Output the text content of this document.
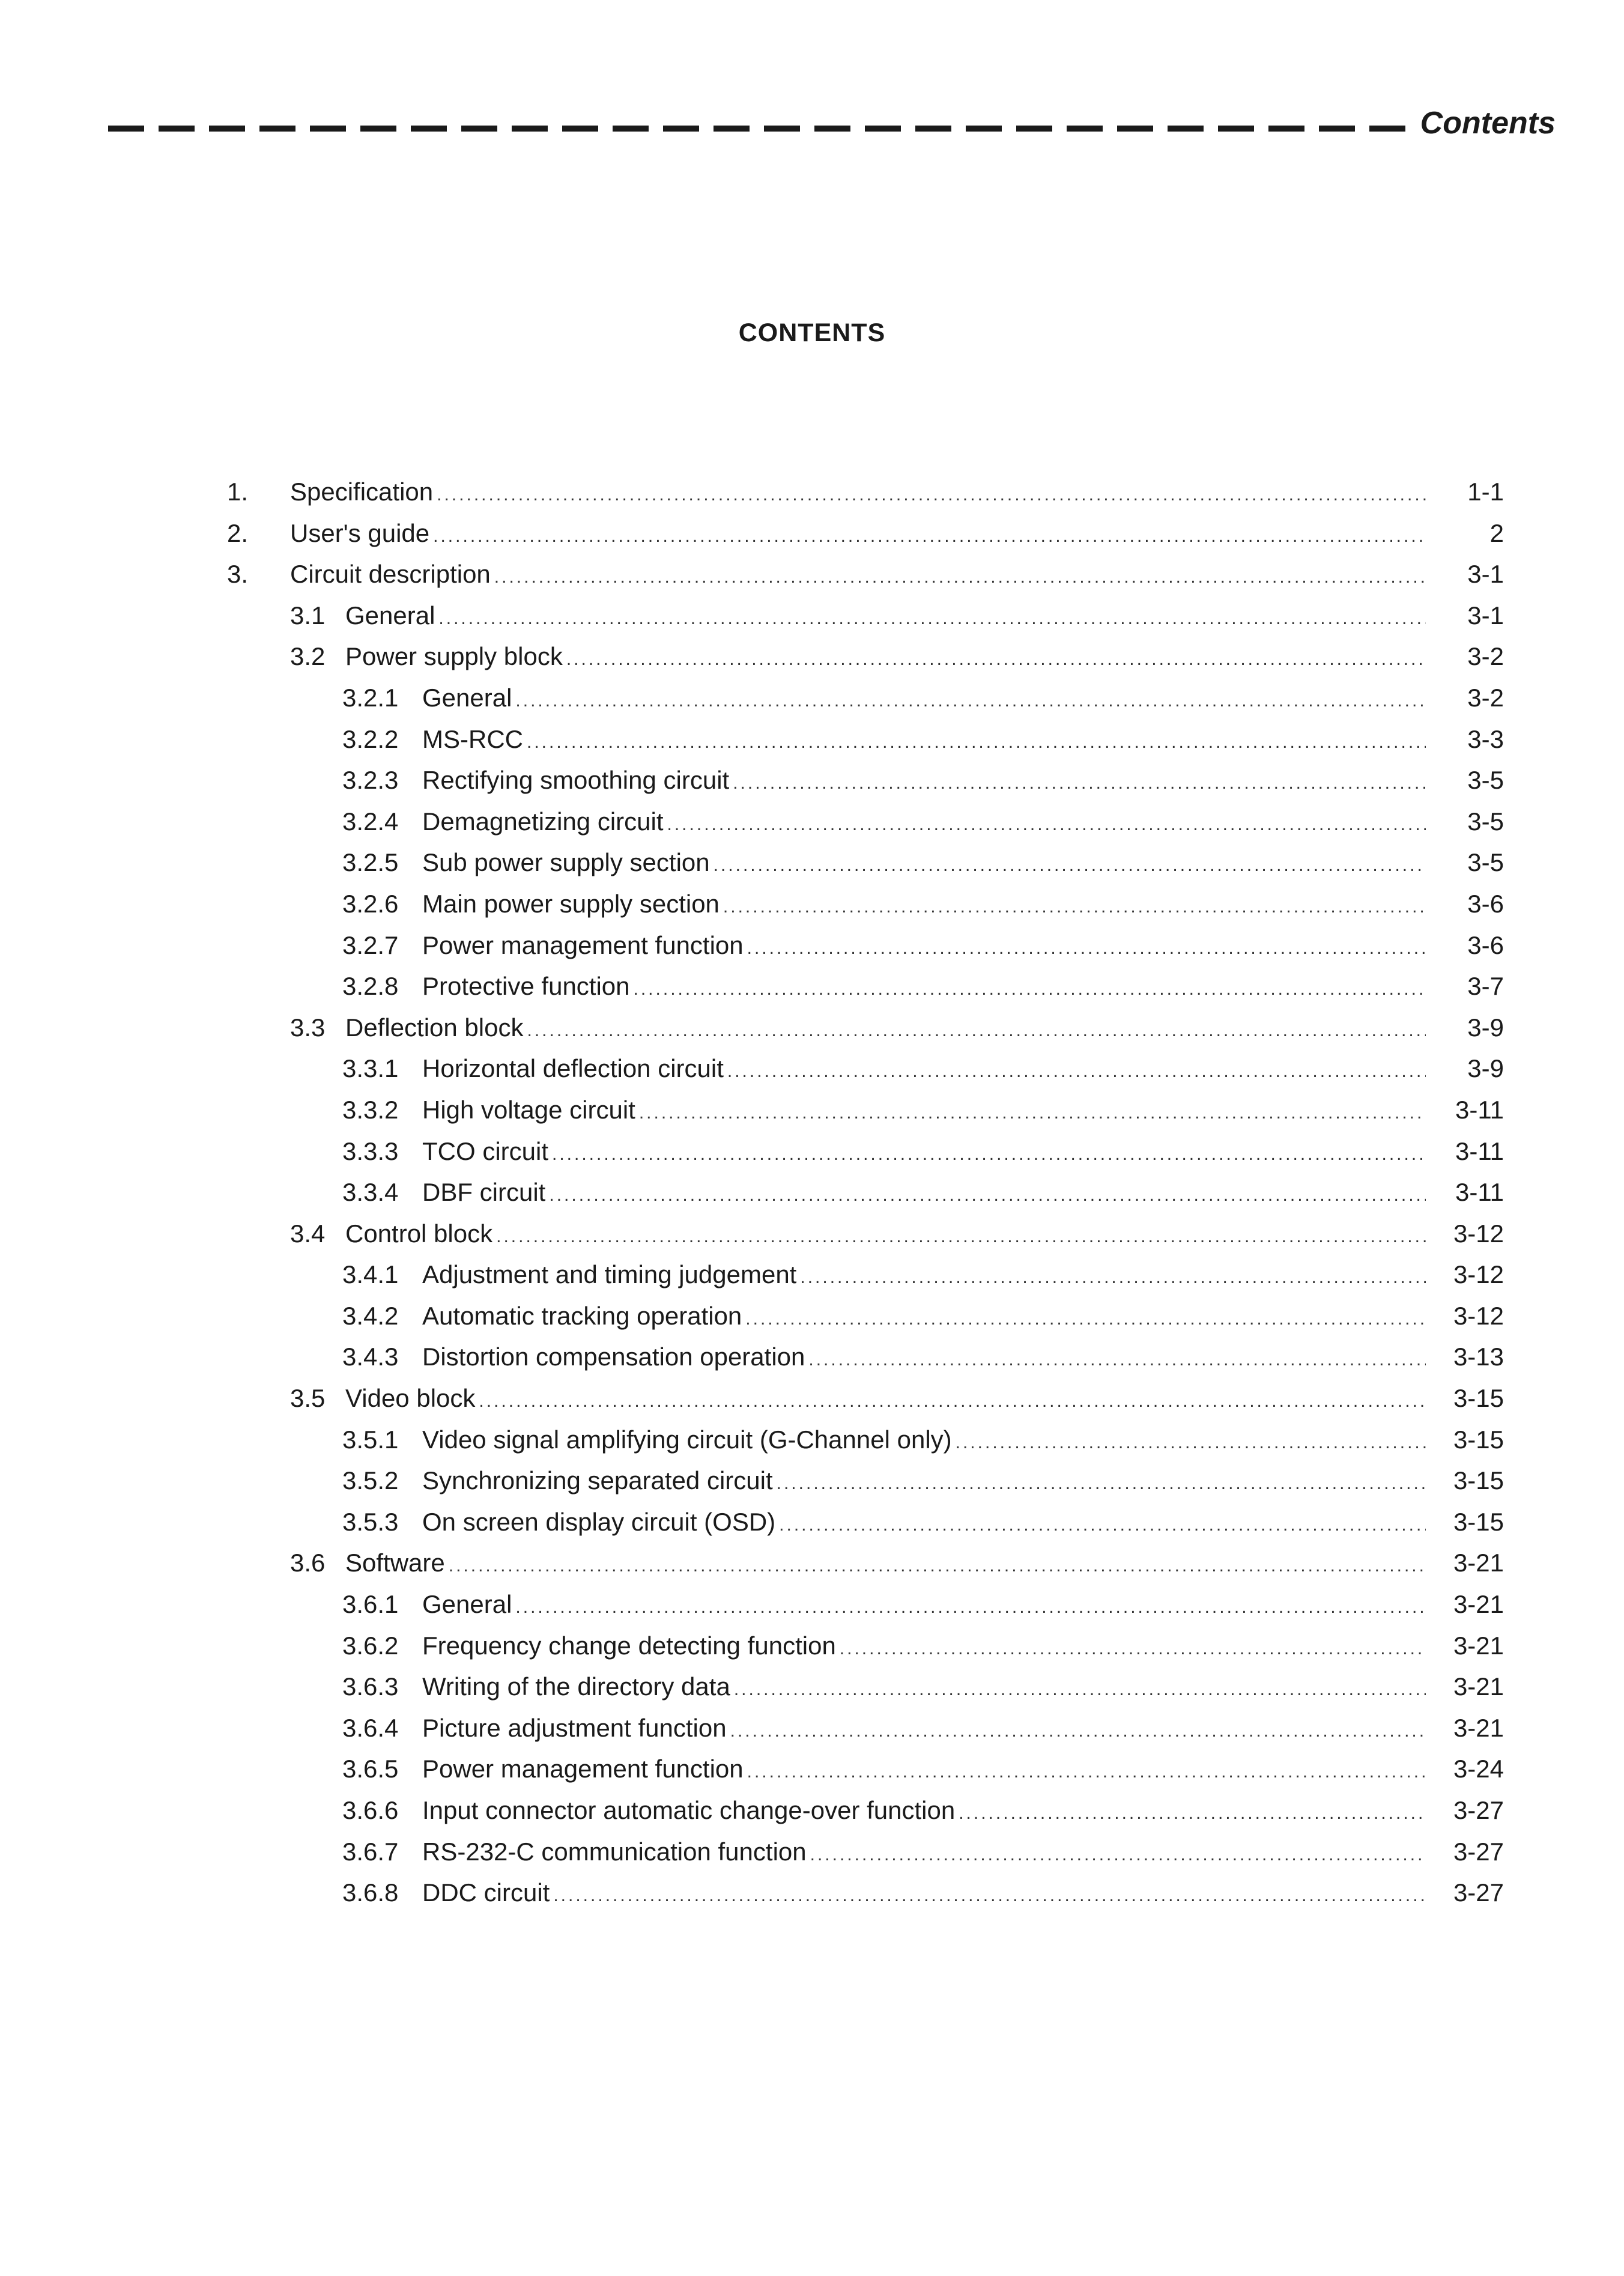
Contents
CONTENTS
1. Specification .....	1-1
2. User's guide .....	2
3. Circuit description .....	3-1
3.1 General .....	3-1
3.2 Power supply block .....	3-2
3.2.1 General .....	3-2
3.2.2 MS-RCC .....	3-3
3.2.3 Rectifying smoothing circuit .....	3-5
3.2.4 Demagnetizing circuit .....	3-5
3.2.5 Sub power supply section .....	3-5
3.2.6 Main power supply section .....	3-6
3.2.7 Power management function .....	3-6
3.2.8 Protective function .....	3-7
3.3 Deflection block .....	3-9
3.3.1 Horizontal deflection circuit .....	3-9
3.3.2 High voltage circuit .....	3-11
3.3.3 TCO circuit .....	3-11
3.3.4 DBF circuit .....	3-11
3.4 Control block .....	3-12
3.4.1 Adjustment and timing judgement .....	3-12
3.4.2 Automatic tracking operation .....	3-12
3.4.3 Distortion compensation operation .....	3-13
3.5 Video block .....	3-15
3.5.1 Video signal amplifying circuit (G-Channel only) .....	3-15
3.5.2 Synchronizing separated circuit .....	3-15
3.5.3 On screen display circuit (OSD) .....	3-15
3.6 Software .....	3-21
3.6.1 General .....	3-21
3.6.2 Frequency change detecting function .....	3-21
3.6.3 Writing of the directory data .....	3-21
3.6.4 Picture adjustment function .....	3-21
3.6.5 Power management function .....	3-24
3.6.6 Input connector automatic change-over function .....	3-27
3.6.7 RS-232-C communication function .....	3-27
3.6.8 DDC circuit .....	3-27
